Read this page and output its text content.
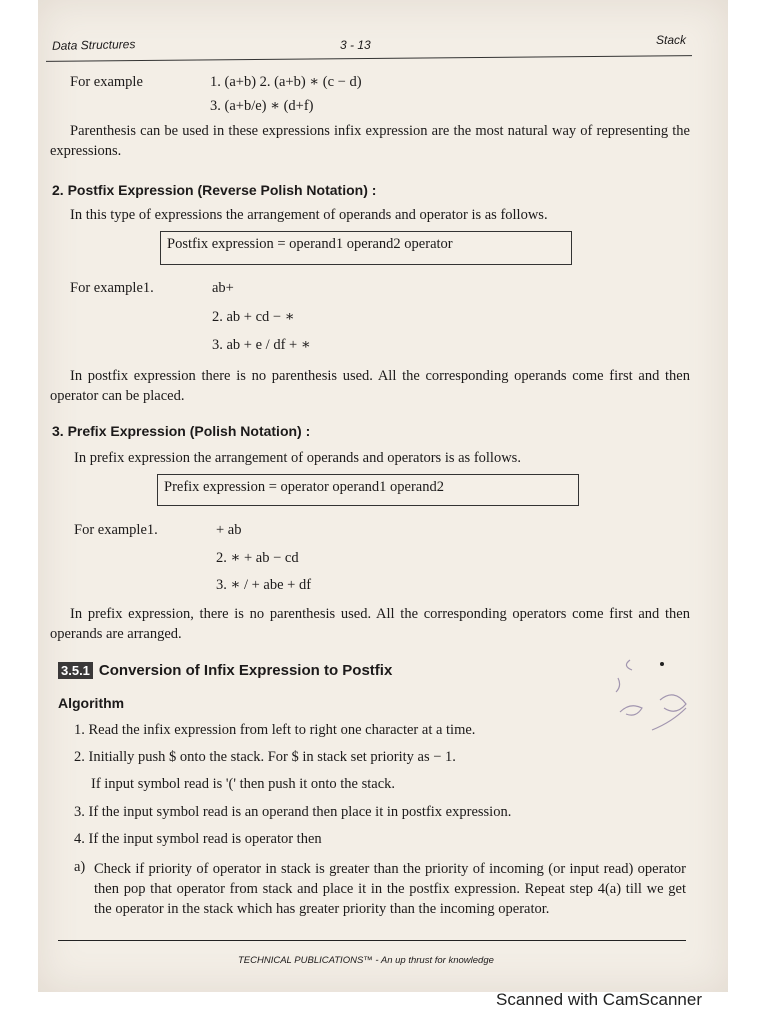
Data Structures	3 - 13	Stack
For example	1. (a+b) 2. (a+b) ∗ (c − d)
3. (a+b/e) ∗ (d+f)
Parenthesis can be used in these expressions infix expression are the most natural way of representing the expressions.
2. Postfix Expression (Reverse Polish Notation) :
In this type of expressions the arrangement of operands and operator is as follows.
Postfix expression = operand1 operand2 operator
For example1.	ab+
2. ab + cd − ∗
3. ab + e / df + ∗
In postfix expression there is no parenthesis used. All the corresponding operands come first and then operator can be placed.
3. Prefix Expression (Polish Notation) :
In prefix expression the arrangement of operands and operators is as follows.
Prefix expression = operator operand1 operand2
For example1.	+ ab
2. ∗ + ab − cd
3. ∗ / + abe + df
In prefix expression, there is no parenthesis used. All the corresponding operators come first and then operands are arranged.
3.5.1 Conversion of Infix Expression to Postfix
Algorithm
1. Read the infix expression from left to right one character at a time.
2. Initially push $ onto the stack. For $ in stack set priority as − 1.
If input symbol read is '(' then push it onto the stack.
3. If the input symbol read is an operand then place it in postfix expression.
4. If the input symbol read is operator then
a) Check if priority of operator in stack is greater than the priority of incoming (or input read) operator then pop that operator from stack and place it in the postfix expression. Repeat step 4(a) till we get the operator in the stack which has greater priority than the incoming operator.
TECHNICAL PUBLICATIONS™ - An up thrust for knowledge
Scanned with CamScanner
